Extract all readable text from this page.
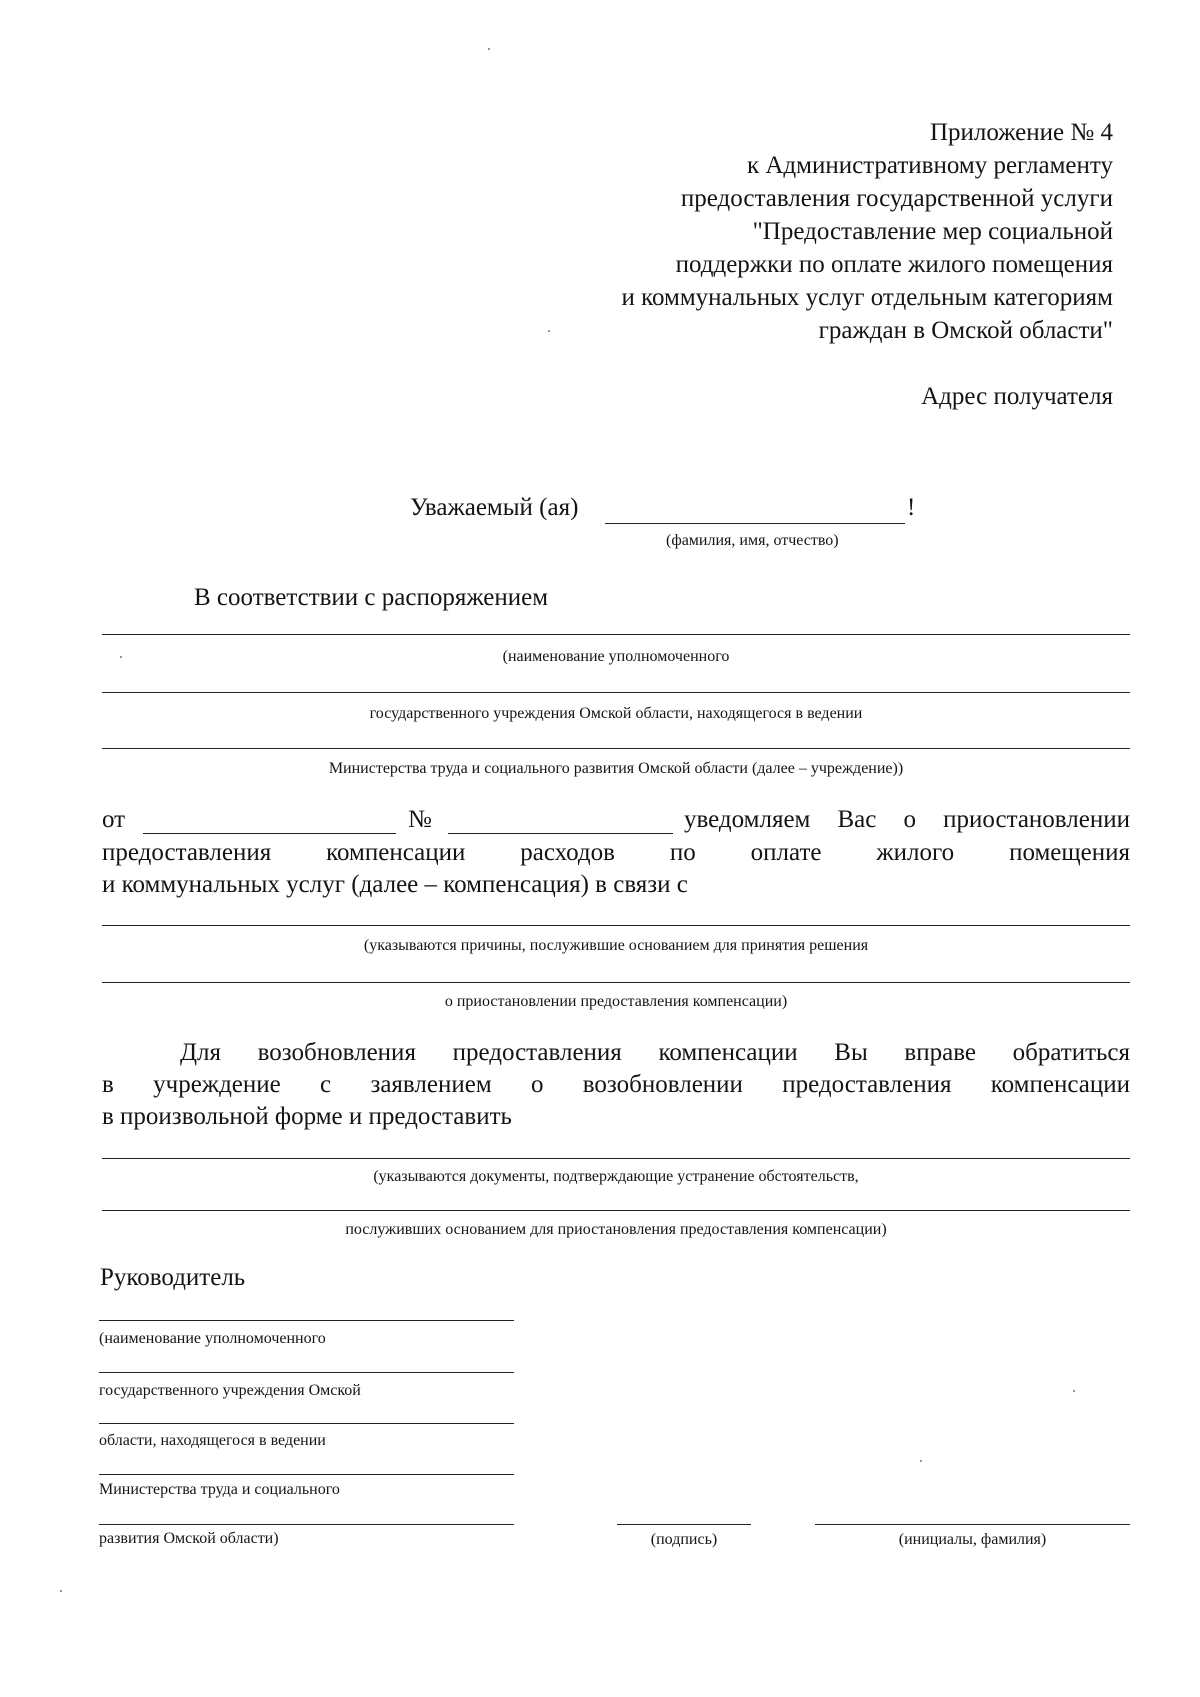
Приложение № 4
к Административному регламенту
предоставления государственной услуги
"Предоставление мер социальной
поддержки по оплате жилого помещения
и коммунальных услуг отдельным категориям
граждан в Омской области"
Адрес получателя
Уважаемый (ая)	!
(фамилия, имя, отчество)
В соответствии с распоряжением
(наименование уполномоченного
государственного учреждения Омской области, находящегося в ведении
Министерства труда и социального развития Омской области (далее – учреждение))
от	№	уведомляем Вас о приостановлении
предоставления компенсации расходов по оплате жилого помещения
и коммунальных услуг (далее – компенсация) в связи с
(указываются причины, послужившие основанием для принятия решения
о приостановлении предоставления компенсации)
Для возобновления предоставления компенсации Вы вправе обратиться
в учреждение с заявлением о возобновлении предоставления компенсации
в произвольной форме и предоставить
(указываются документы, подтверждающие устранение обстоятельств,
послуживших основанием для приостановления предоставления компенсации)
Руководитель
(наименование уполномоченного
государственного учреждения Омской
области, находящегося в ведении
Министерства труда и социального
развития Омской области)	(подпись)	(инициалы, фамилия)
